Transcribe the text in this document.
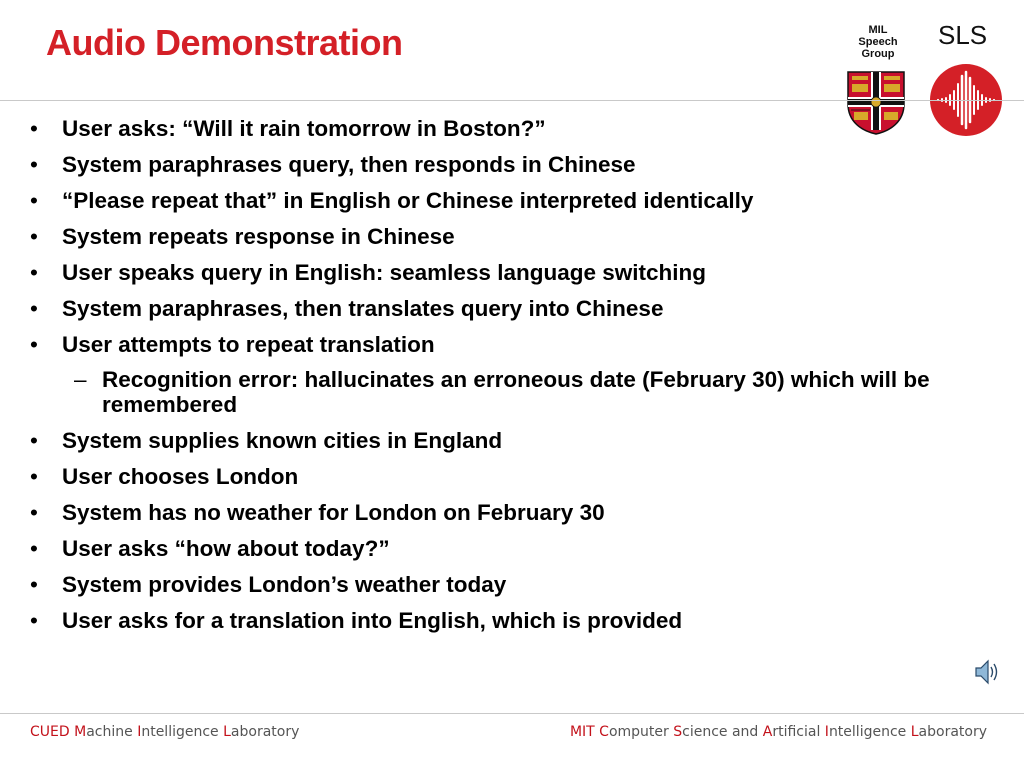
Audio Demonstration	MIL
Speech
Group
SLS
•	User asks: “Will it rain tomorrow in Boston?”
•	System paraphrases query, then responds in Chinese
•	“Please repeat that” in English or Chinese interpreted identically
•	System repeats response in Chinese
•	User speaks query in English: seamless language switching
•	System paraphrases, then translates query into Chinese
•	User attempts to repeat translation
– Recognition error: hallucinates an erroneous date (February 30) which will be remembered
•	System supplies known cities in England
•	User chooses London
•	System has no weather for London on February 30
•	User asks “how about today?”
•	System provides London’s weather today
•	User asks for a translation into English, which is provided
CUED Machine Intelligence Laboratory	MIT Computer Science and Artificial Intelligence Laboratory
